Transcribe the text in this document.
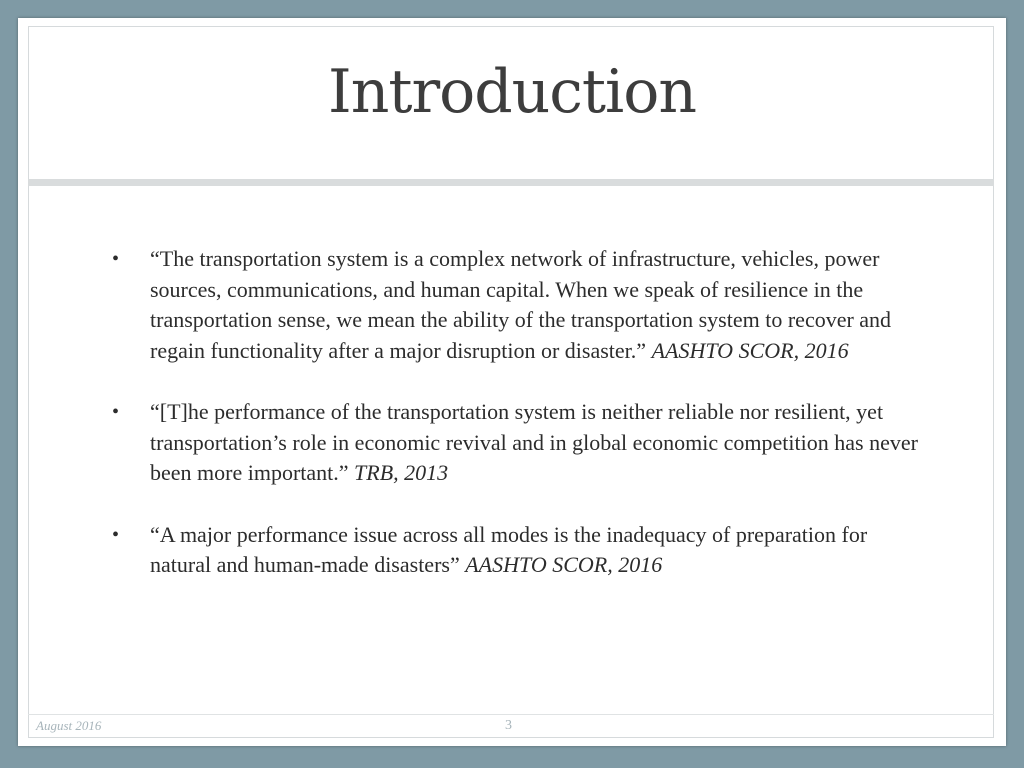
Introduction
• “The transportation system is a complex network of infrastructure, vehicles, power sources, communications, and human capital. When we speak of resilience in the transportation sense, we mean the ability of the transportation system to recover and regain functionality after a major disruption or disaster.” AASHTO SCOR, 2016
• “[T]he performance of the transportation system is neither reliable nor resilient, yet transportation’s role in economic revival and in global economic competition has never been more important.” TRB, 2013
• “A major performance issue across all modes is the inadequacy of preparation for natural and human-made disasters” AASHTO SCOR, 2016
August 2016	3
